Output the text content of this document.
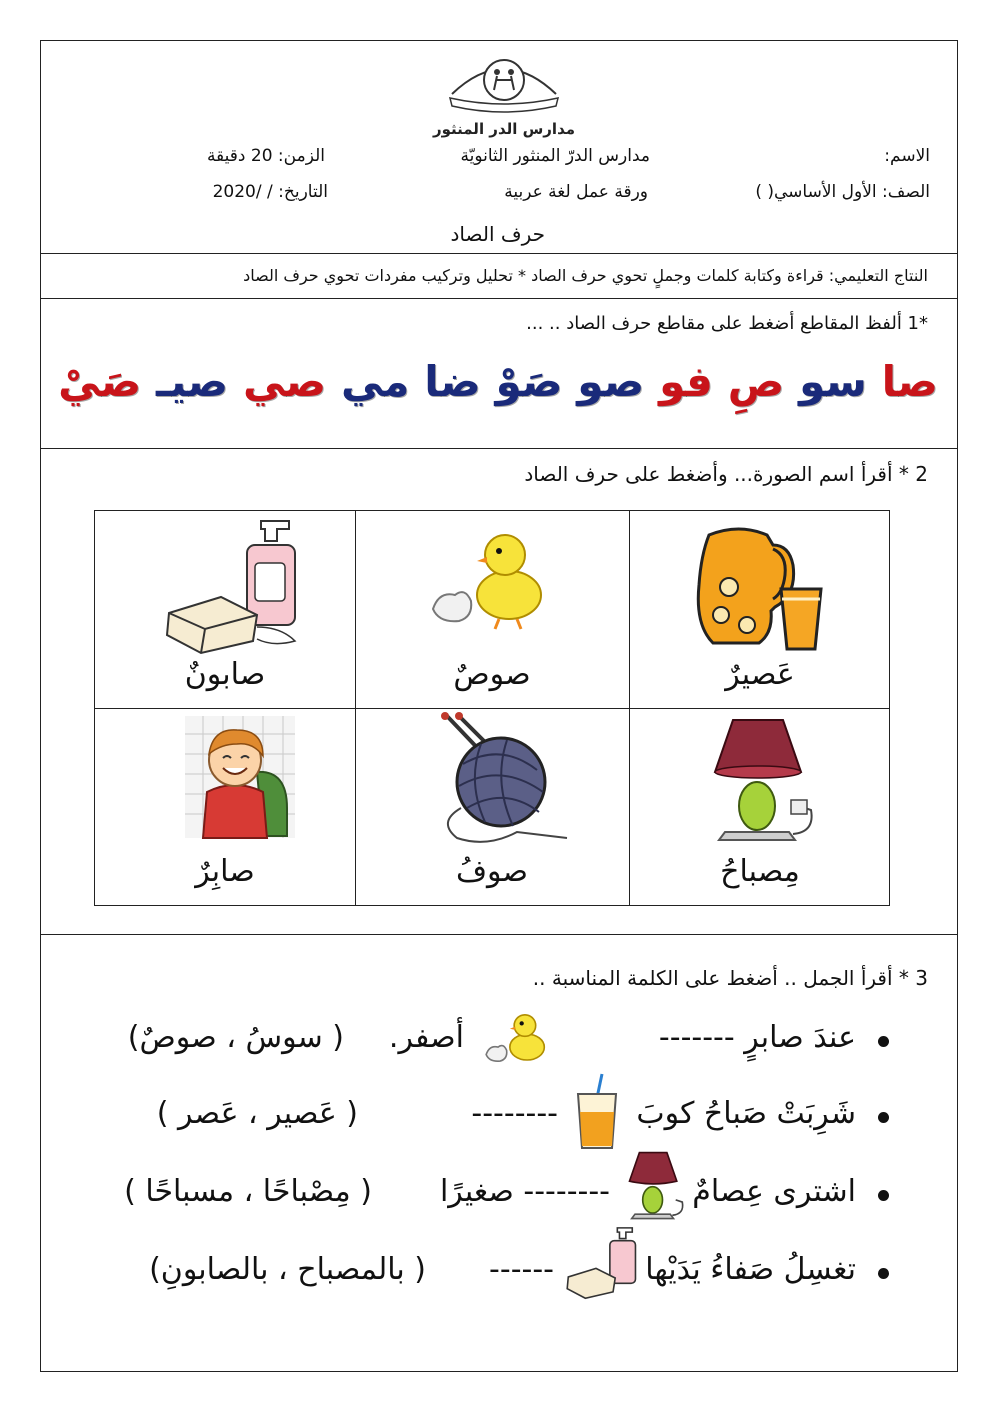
مدارس الدر المنثور
الاسم:
مدارس الدرّ المنثور الثانويّة
الزمن: 20 دقيقة
الصف: الأول الأساسي( )
ورقة عمل لغة عربية
التاريخ: / /2020
حرف الصاد
النتاج التعليمي: قراءة وكتابة كلمات وجملٍ تحوي حرف الصاد * تحليل وتركيب مفردات تحوي حرف الصاد
*1 ألفظ المقاطع أضغط على مقاطع حرف الصاد .. ...
صا
سو
صِ
فو
صو
صَوْ
ضا
مي
صي
صيـ
صَيْ
2 * أقرأ اسم الصورة... وأضغط على حرف الصاد
عَصيرٌ
صوصٌ
صابونٌ
مِصباحُ
صوفُ
صابِرٌ
3 * أقرأ الجمل .. أضغط على الكلمة المناسبة ..
عندَ صابرٍ -------
أصفر.
( سوسُ ، صوصٌ)
شَرِبَتْ صَباحُ كوبَ
--------
( عَصير ، عَصر )
اشترى عِصامٌ
-------- صغيرًا
( مِصْباحًا ، مسباحًا )
تغسِلُ صَفاءُ يَدَيْها
------
( بالمصباح ، بالصابونِ)
